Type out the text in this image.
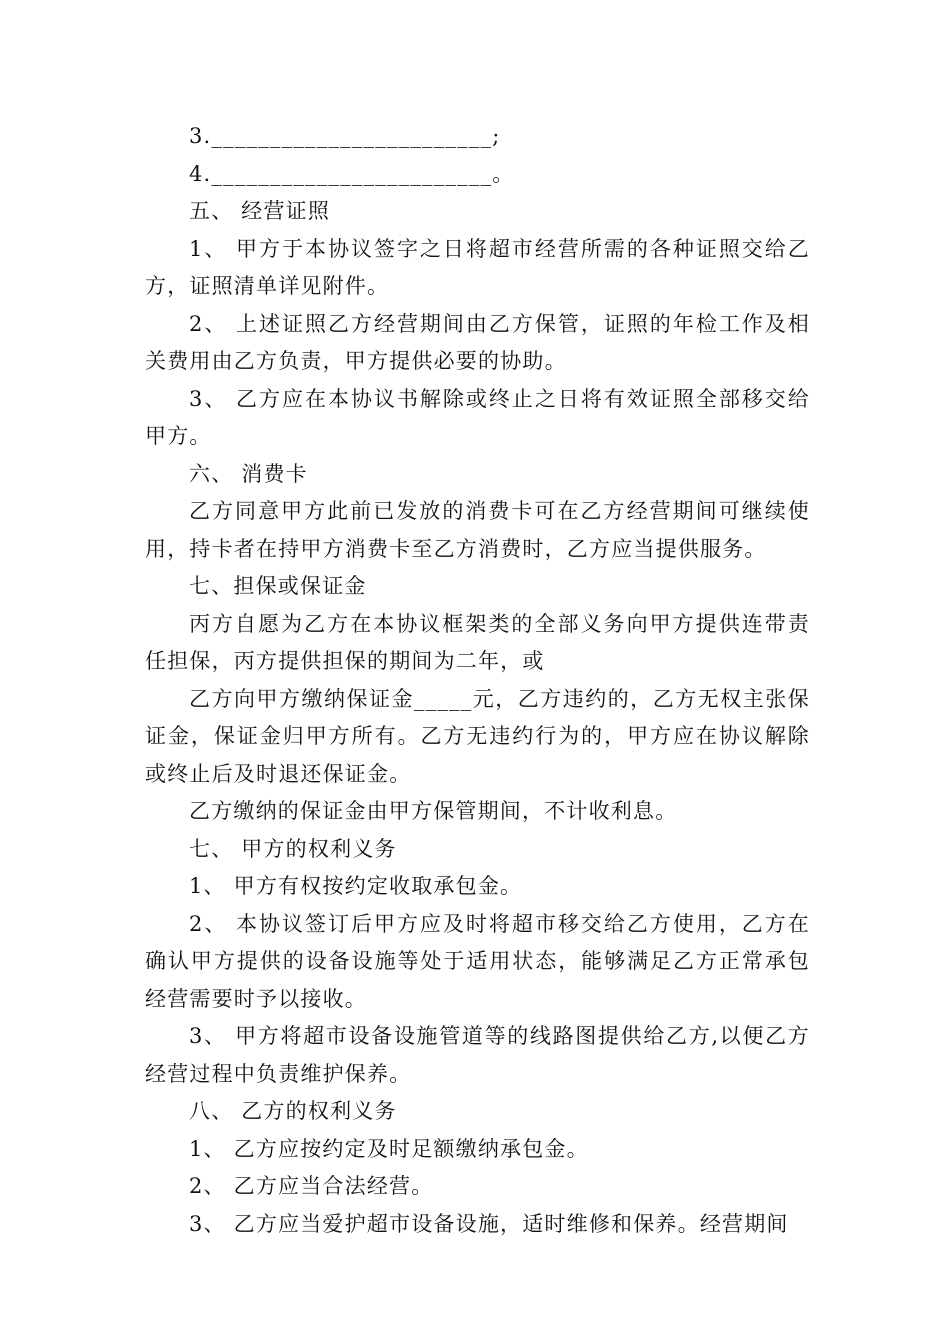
3.________________________;

4.________________________。

五、 经营证照

1、 甲方于本协议签字之日将超市经营所需的各种证照交给乙方，证照清单详见附件。

2、 上述证照乙方经营期间由乙方保管，证照的年检工作及相关费用由乙方负责，甲方提供必要的协助。

3、 乙方应在本协议书解除或终止之日将有效证照全部移交给甲方。

六、 消费卡

乙方同意甲方此前已发放的消费卡可在乙方经营期间可继续使用，持卡者在持甲方消费卡至乙方消费时，乙方应当提供服务。

七、担保或保证金

丙方自愿为乙方在本协议框架类的全部义务向甲方提供连带责任担保，丙方提供担保的期间为二年，或

乙方向甲方缴纳保证金_____元，乙方违约的，乙方无权主张保证金，保证金归甲方所有。乙方无违约行为的，甲方应在协议解除或终止后及时退还保证金。

乙方缴纳的保证金由甲方保管期间，不计收利息。

七、 甲方的权利义务

1、 甲方有权按约定收取承包金。

2、 本协议签订后甲方应及时将超市移交给乙方使用，乙方在确认甲方提供的设备设施等处于适用状态，能够满足乙方正常承包经营需要时予以接收。

3、 甲方将超市设备设施管道等的线路图提供给乙方,以便乙方经营过程中负责维护保养。

八、 乙方的权利义务

1、 乙方应按约定及时足额缴纳承包金。

2、 乙方应当合法经营。

3、 乙方应当爱护超市设备设施，适时维修和保养。经营期间
